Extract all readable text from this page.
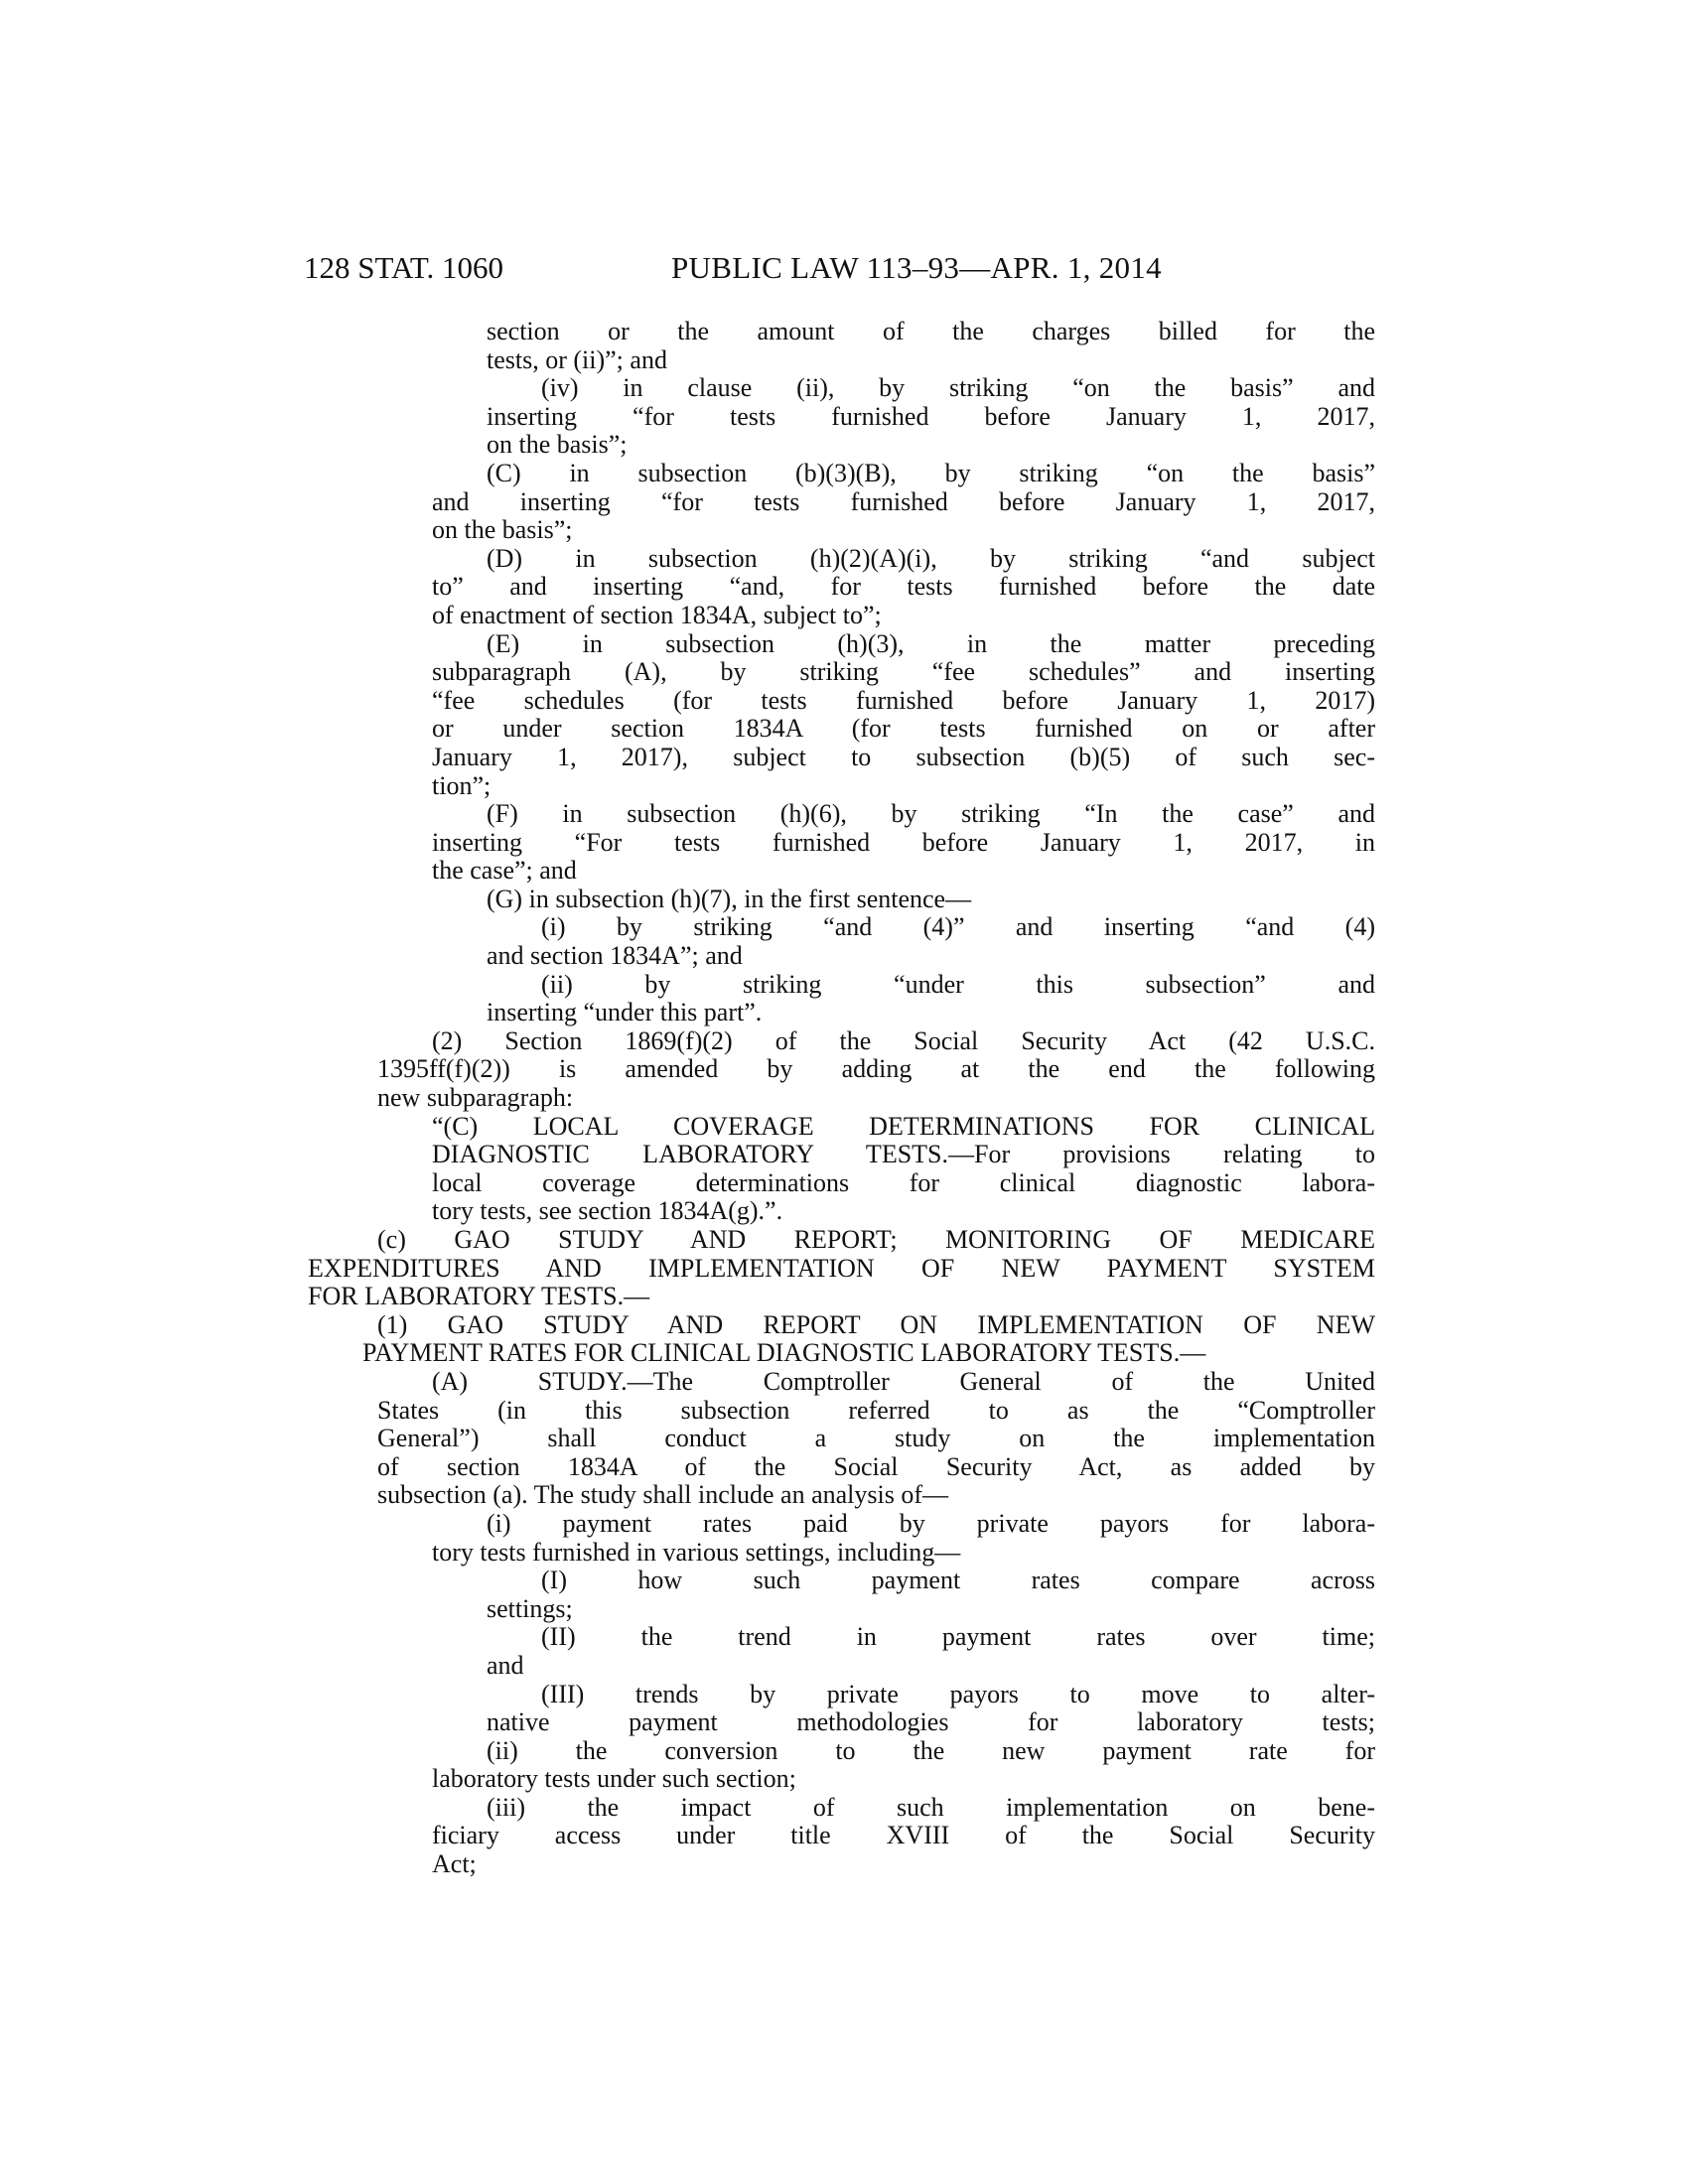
128 STAT. 1060	PUBLIC LAW 113–93—APR. 1, 2014
section or the amount of the charges billed for the
tests, or (ii)”; and
(iv) in clause (ii), by striking “on the basis” and
inserting “for tests furnished before January 1, 2017,
on the basis”;
(C) in subsection (b)(3)(B), by striking “on the basis”
and inserting “for tests furnished before January 1, 2017,
on the basis”;
(D) in subsection (h)(2)(A)(i), by striking “and subject
to” and inserting “and, for tests furnished before the date
of enactment of section 1834A, subject to”;
(E) in subsection (h)(3), in the matter preceding
subparagraph (A), by striking “fee schedules” and inserting
“fee schedules (for tests furnished before January 1, 2017)
or under section 1834A (for tests furnished on or after
January 1, 2017), subject to subsection (b)(5) of such sec-
tion”;
(F) in subsection (h)(6), by striking “In the case” and
inserting “For tests furnished before January 1, 2017, in
the case”; and
(G) in subsection (h)(7), in the first sentence—
(i) by striking “and (4)” and inserting “and (4)
and section 1834A”; and
(ii) by striking “under this subsection” and
inserting “under this part”.
(2) Section 1869(f)(2) of the Social Security Act (42 U.S.C.
1395ff(f)(2)) is amended by adding at the end the following
new subparagraph:
“(C) LOCAL COVERAGE DETERMINATIONS FOR CLINICAL
DIAGNOSTIC LABORATORY TESTS.—For provisions relating to
local coverage determinations for clinical diagnostic labora-
tory tests, see section 1834A(g).”.
(c) GAO STUDY AND REPORT; MONITORING OF MEDICARE
EXPENDITURES AND IMPLEMENTATION OF NEW PAYMENT SYSTEM
FOR LABORATORY TESTS.—
(1) GAO STUDY AND REPORT ON IMPLEMENTATION OF NEW
PAYMENT RATES FOR CLINICAL DIAGNOSTIC LABORATORY TESTS.—
(A) STUDY.—The Comptroller General of the United
States (in this subsection referred to as the “Comptroller
General”) shall conduct a study on the implementation
of section 1834A of the Social Security Act, as added by
subsection (a). The study shall include an analysis of—
(i) payment rates paid by private payors for labora-
tory tests furnished in various settings, including—
(I) how such payment rates compare across
settings;
(II) the trend in payment rates over time;
and
(III) trends by private payors to move to alter-
native payment methodologies for laboratory tests;
(ii) the conversion to the new payment rate for
laboratory tests under such section;
(iii) the impact of such implementation on bene-
ficiary access under title XVIII of the Social Security
Act;
